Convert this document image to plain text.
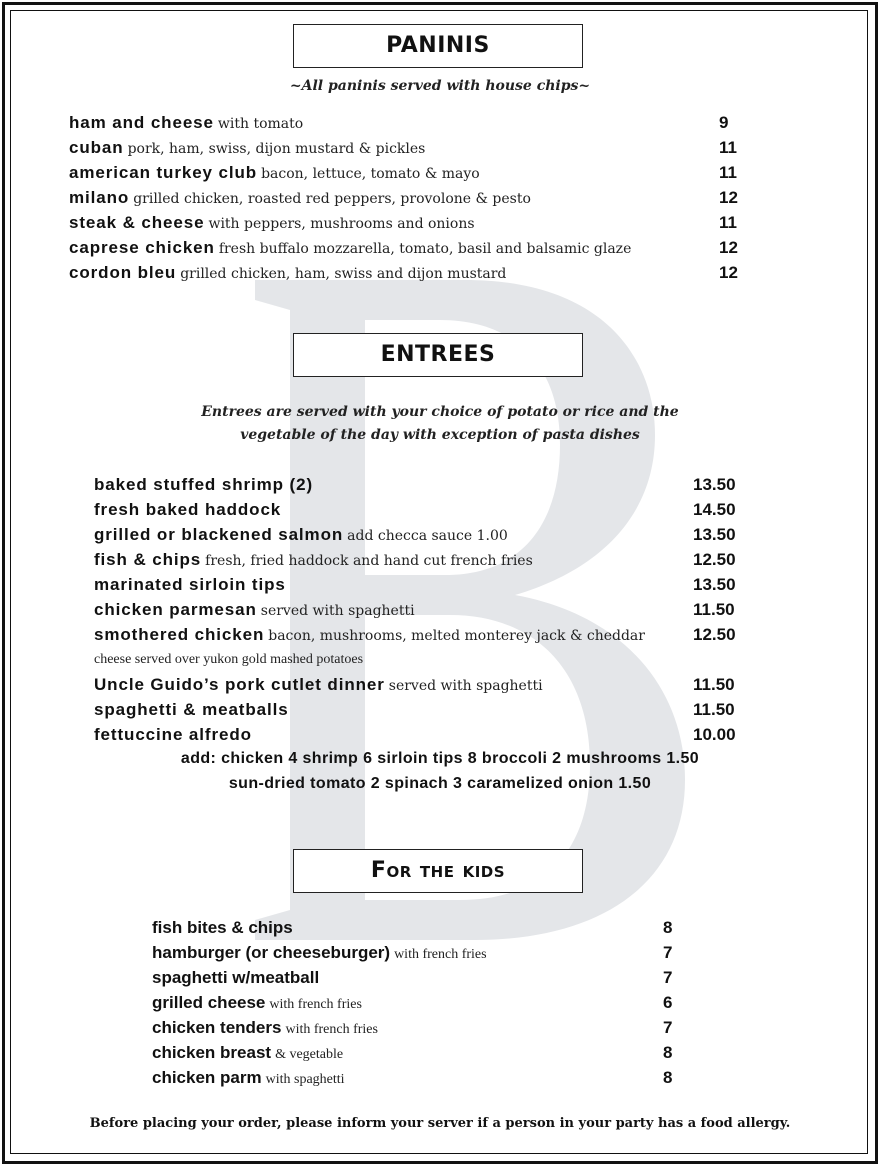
PANINIS
~All paninis served with house chips~
ham and cheese with tomato	9
cuban pork, ham, swiss, dijon mustard & pickles	11
american turkey club bacon, lettuce, tomato & mayo	11
milano grilled chicken, roasted red peppers, provolone & pesto	12
steak & cheese with peppers, mushrooms and onions	11
caprese chicken fresh buffalo mozzarella, tomato, basil and balsamic glaze	12
cordon bleu grilled chicken, ham, swiss and dijon mustard	12
ENTREES
Entrees are served with your choice of potato or rice and the
vegetable of the day with exception of pasta dishes
baked stuffed shrimp (2)	13.50
fresh baked haddock	14.50
grilled or blackened salmon add checca sauce 1.00	13.50
fish & chips fresh, fried haddock and hand cut french fries	12.50
marinated sirloin tips	13.50
chicken parmesan served with spaghetti	11.50
smothered chicken bacon, mushrooms, melted monterey jack & cheddar	12.50
cheese served over yukon gold mashed potatoes
Uncle Guido’s pork cutlet dinner served with spaghetti	11.50
spaghetti & meatballs	11.50
fettuccine alfredo	10.00
add: chicken 4 shrimp 6 sirloin tips 8 broccoli 2 mushrooms 1.50
sun-dried tomato 2 spinach 3 caramelized onion 1.50
For the kids
fish bites & chips	8
hamburger (or cheeseburger) with french fries	7
spaghetti w/meatball	7
grilled cheese with french fries	6
chicken tenders with french fries	7
chicken breast & vegetable	8
chicken parm with spaghetti	8
Before placing your order, please inform your server if a person in your party has a food allergy.
